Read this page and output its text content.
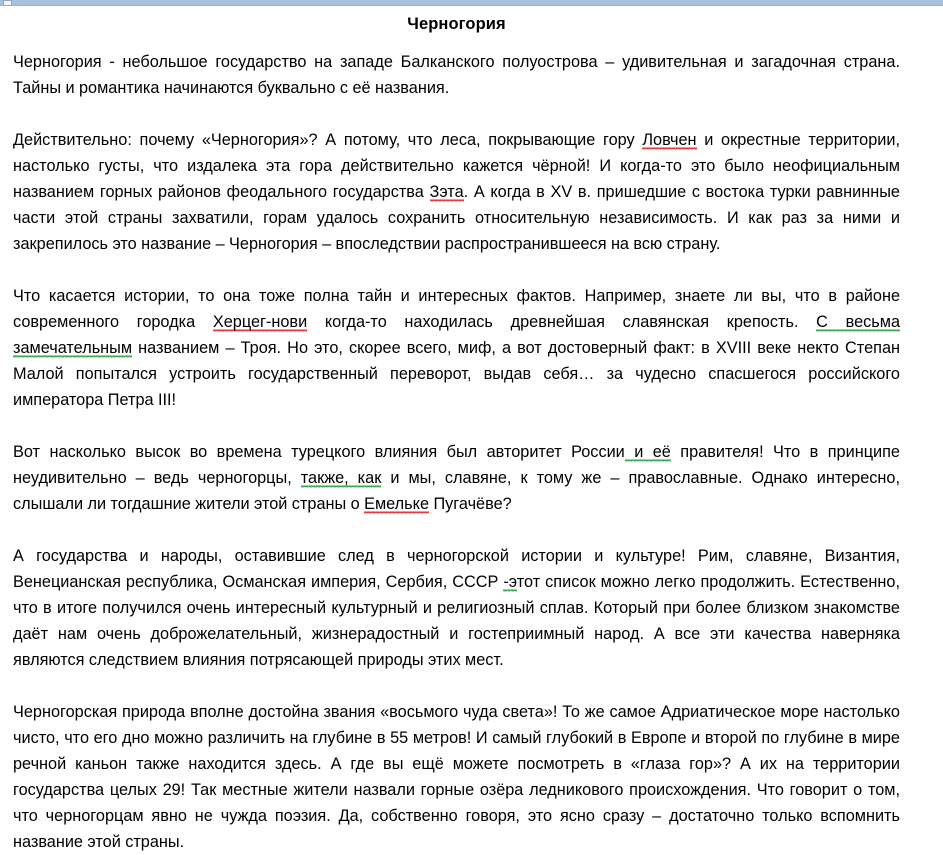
Черногория

Черногория - небольшое государство на западе Балканского полуострова – удивительная и загадочная страна. Тайны и романтика начинаются буквально с её названия.

Действительно: почему «Черногория»? А потому, что леса, покрывающие гору Ловчен и окрестные территории, настолько густы, что издалека эта гора действительно кажется чёрной! И когда-то это было неофициальным названием горных районов феодального государства Зэта. А когда в XV в. пришедшие с востока турки равнинные части этой страны захватили, горам удалось сохранить относительную независимость. И как раз за ними и закрепилось это название – Черногория – впоследствии распространившееся на всю страну.

Что касается истории, то она тоже полна тайн и интересных фактов. Например, знаете ли вы, что в районе современного городка Херцег-нови когда-то находилась древнейшая славянская крепость. С весьма замечательным названием – Троя. Но это, скорее всего, миф, а вот достоверный факт: в XVIII веке некто Степан Малой попытался устроить государственный переворот, выдав себя… за чудесно спасшегося российского императора Петра III!

Вот насколько высок во времена турецкого влияния был авторитет России и её правителя! Что в принципе неудивительно – ведь черногорцы, также, как и мы, славяне, к тому же – православные. Однако интересно, слышали ли тогдашние жители этой страны о Емельке Пугачёве?

А государства и народы, оставившие след в черногорской истории и культуре! Рим, славяне, Византия, Венецианская республика, Османская империя, Сербия, СССР -этот список можно легко продолжить. Естественно, что в итоге получился очень интересный культурный и религиозный сплав. Который при более близком знакомстве даёт нам очень доброжелательный, жизнерадостный и гостеприимный народ. А все эти качества наверняка являются следствием влияния потрясающей природы этих мест.

Черногорская природа вполне достойна звания «восьмого чуда света»! То же самое Адриатическое море настолько чисто, что его дно можно различить на глубине в 55 метров! И самый глубокий в Европе и второй по глубине в мире речной каньон также находится здесь. А где вы ещё можете посмотреть в «глаза гор»? А их на территории государства целых 29! Так местные жители назвали горные озёра ледникового происхождения. Что говорит о том, что черногорцам явно не чужда поэзия. Да, собственно говоря, это ясно сразу – достаточно только вспомнить название этой страны.
